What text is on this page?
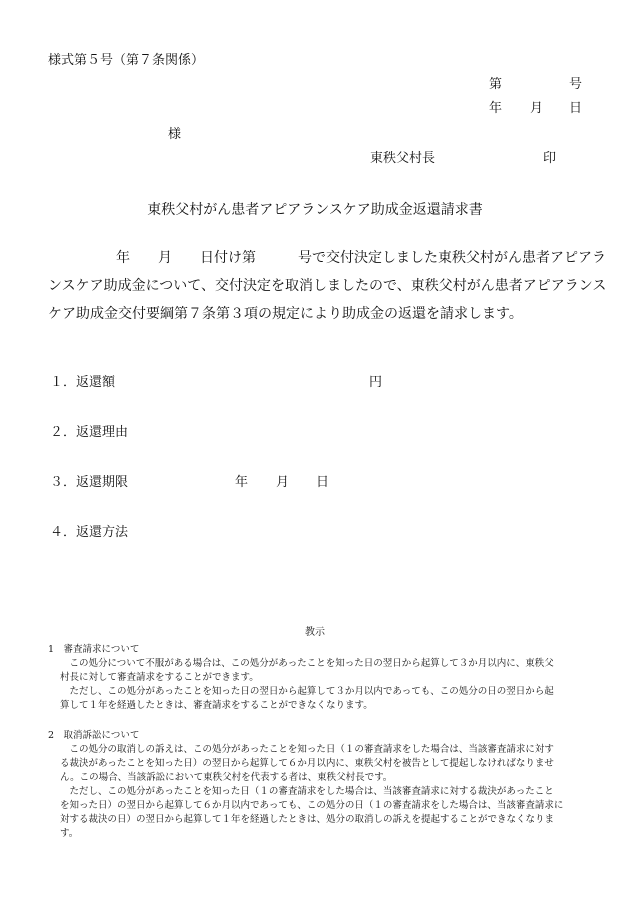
様式第５号（第７条関係）
第	号
年 月 日
様
東秩父村長	印
東秩父村がん患者アピアランスケア助成金返還請求書
年　　月　　日付け第　　　号で交付決定しました東秩父村がん患者アピアラ
ンスケア助成金について、交付決定を取消しましたので、東秩父村がん患者アピアランス
ケア助成金交付要綱第７条第３項の規定により助成金の返還を請求します。
１．返還額	円
２．返還理由
３．返還期限	年 月 日
４．返還方法
教示
1　審査請求について
　この処分について不服がある場合は、この処分があったことを知った日の翌日から起算して３か月以内に、東秩父
村長に対して審査請求をすることができます。
　ただし、この処分があったことを知った日の翌日から起算して３か月以内であっても、この処分の日の翌日から起
算して１年を経過したときは、審査請求をすることができなくなります。
2　取消訴訟について
　この処分の取消しの訴えは、この処分があったことを知った日（１の審査請求をした場合は、当該審査請求に対す
る裁決があったことを知った日）の翌日から起算して６か月以内に、東秩父村を被告として提起しなければなりませ
ん。この場合、当該訴訟において東秩父村を代表する者は、東秩父村長です。
　ただし、この処分があったことを知った日（１の審査請求をした場合は、当該審査請求に対する裁決があったこと
を知った日）の翌日から起算して６か月以内であっても、この処分の日（１の審査請求をした場合は、当該審査請求に
対する裁決の日）の翌日から起算して１年を経過したときは、処分の取消しの訴えを提起することができなくなりま
す。
